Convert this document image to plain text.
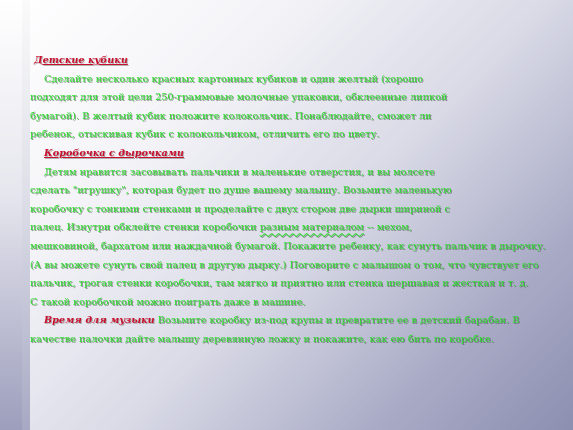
Детские кубики
Сделайте несколько красных картонных кубиков и один желтый (хорошо
подходят для этой цели 250-граммовые молочные упаковки, обклеенные липкой
бумагой). В желтый кубик положите колокольчик. Понаблюдайте, сможет ли
ребенок, отыскивая кубик с колокольчиком, отличить его по цвету.
Коробочка с дырочками
Детям нравится засовывать пальчики в маленькие отверстия, и вы молсете
сделать "игрушку", которая будет по душе вашему малышу. Возьмите маленькую
коробочку с тонкими стенками и проделайте с двух сторон две дырки шириной с
палец. Изнутри обклейте стенки коробочки разным материалом -- мехом,
мешковиной, бархатом или наждачной бумагой. Покажите ребенку, как сунуть пальчик в дырочку.
(А вы можете сунуть свой палец в другую дырку.) Поговорите с малышом о том, что чувствует его
пальчик, трогая стенки коробочки, там мягко и приятно или стенка шершавая и жесткая и т. д.
С такой коробочкой можно поиграть даже в машине.
Время для музыки Возьмите коробку из-под крупы и превратите ее в детский барабан. В
качестве палочки дайте малышу деревянную ложку и покажите, как ею бить по коробке.
